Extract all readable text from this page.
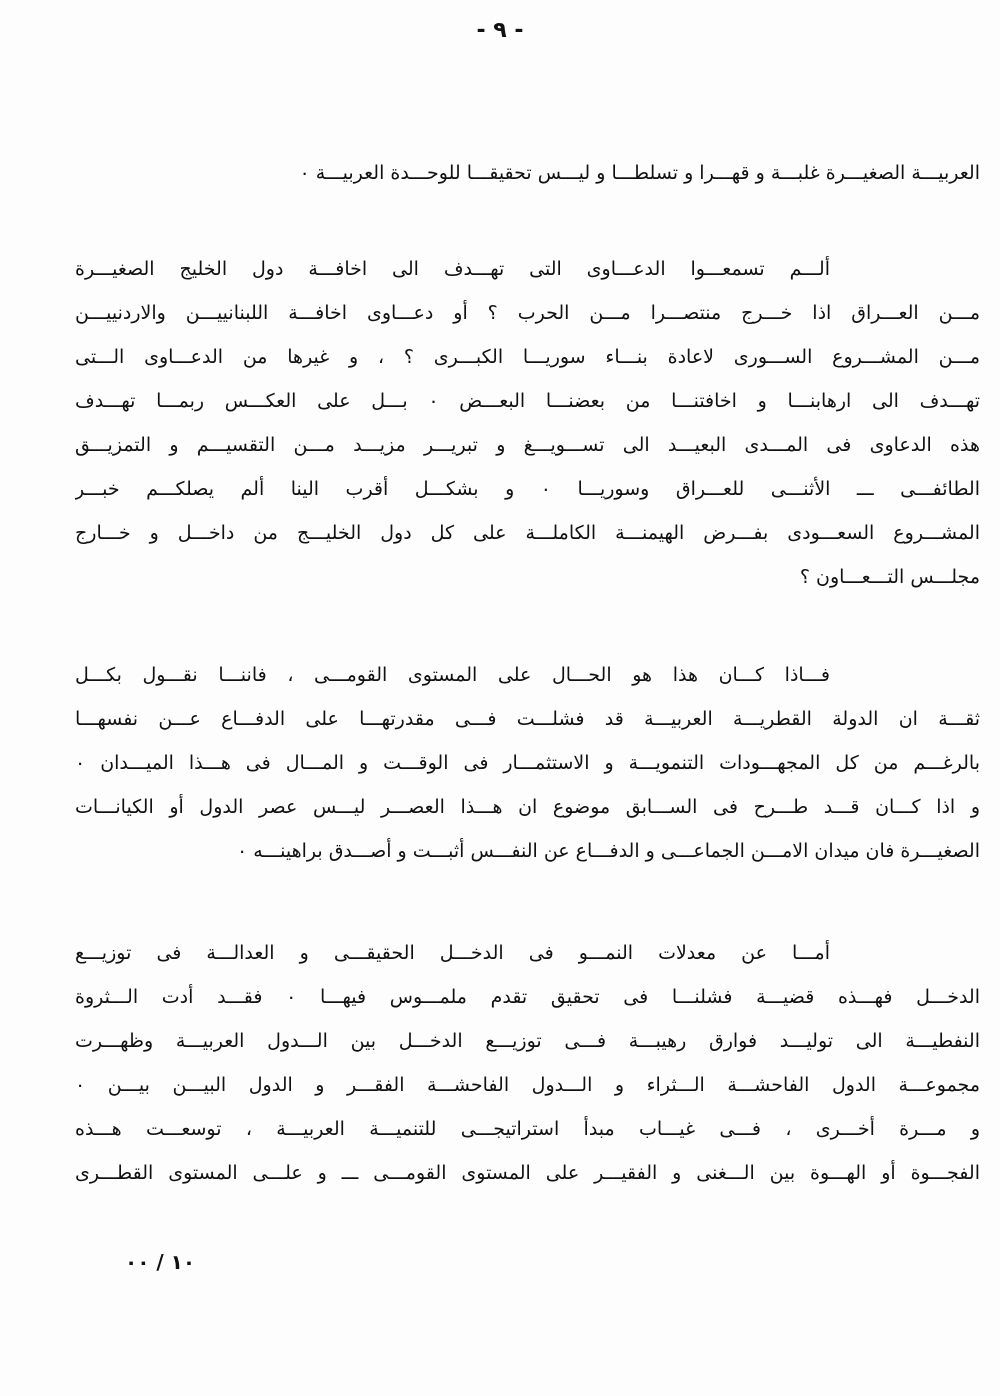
- ٩ -
العربيـــة الصغيـــرة غلبـــة و قهـــرا و تسلطـــا و ليـــس تحقيقـــا للوحـــدة العربيـــة ٠
ألـــم تسمعـــوا الدعـــاوى التى تهـــدف الى اخافـــة دول الخليج الصغيـــرة
مـــن العـــراق اذا خـــرج منتصـــرا مـــن الحرب ؟ أو دعـــاوى اخافـــة اللبنانييـــن والاردنييـــن
مـــن المشـــروع الســـورى لاعادة بنـــاء سوريـــا الكبـــرى ؟ ، و غيرها من الدعـــاوى الـــتى
تهـــدف الى ارهابنـــا و اخافتنـــا من بعضنـــا البعـــض ٠ بـــل على العكـــس ربمـــا تهـــدف
هذه الدعاوى فى المـــدى البعيـــد الى تســـويـــغ و تبريـــر مزيـــد مـــن التقسيـــم و التمزيـــق
الطائفـــى ـــ الأثنـــى للعـــراق وسوريـــا ٠ و بشكـــل أقرب الينا ألم يصلكـــم خبـــر
المشـــروع السعـــودى بفـــرض الهيمنـــة الكاملـــة على كل دول الخليـــج من داخـــل و خـــارج
مجلـــس التـــعـــاون ؟
فـــاذا كـــان هذا هو الحـــال على المستوى القومـــى ، فاننـــا نقـــول بكـــل
ثقـــة ان الدولة القطريـــة العربيـــة قد فشلـــت فـــى مقدرتهـــا على الدفـــاع عـــن نفسهـــا
بالرغـــم من كل المجهـــودات التنمويـــة و الاستثمـــار فى الوقـــت و المـــال فى هـــذا الميـــدان ٠
و اذا كـــان قـــد طـــرح فى الســـابق موضوع ان هـــذا العصـــر ليـــس عصر الدول أو الكيانـــات
الصغيـــرة فان ميدان الامـــن الجماعـــى و الدفـــاع عن النفـــس أثبـــت و أصـــدق براهينـــه ٠
أمـــا عن معدلات النمـــو فى الدخـــل الحقيقـــى و العدالـــة فى توزيـــع
الدخـــل فهـــذه قضيـــة فشلنـــا فى تحقيق تقدم ملمـــوس فيهـــا ٠ فقـــد أدت الـــثروة
النفطيـــة الى توليـــد فوارق رهيبـــة فـــى توزيـــع الدخـــل بين الـــدول العربيـــة وظهـــرت
مجموعـــة الدول الفاحشـــة الـــثراء و الـــدول الفاحشـــة الفقـــر و الدول البيـــن بيـــن ٠
و مـــرة أخـــرى ، فـــى غيـــاب مبدأ استراتيجـــى للتنميـــة العربيـــة ، توسعـــت هـــذه
الفجـــوة أو الهـــوة بين الـــغنى و الفقيـــر على المستوى القومـــى ـــ و علـــى المستوى القطـــرى
١٠ / ٠٠
